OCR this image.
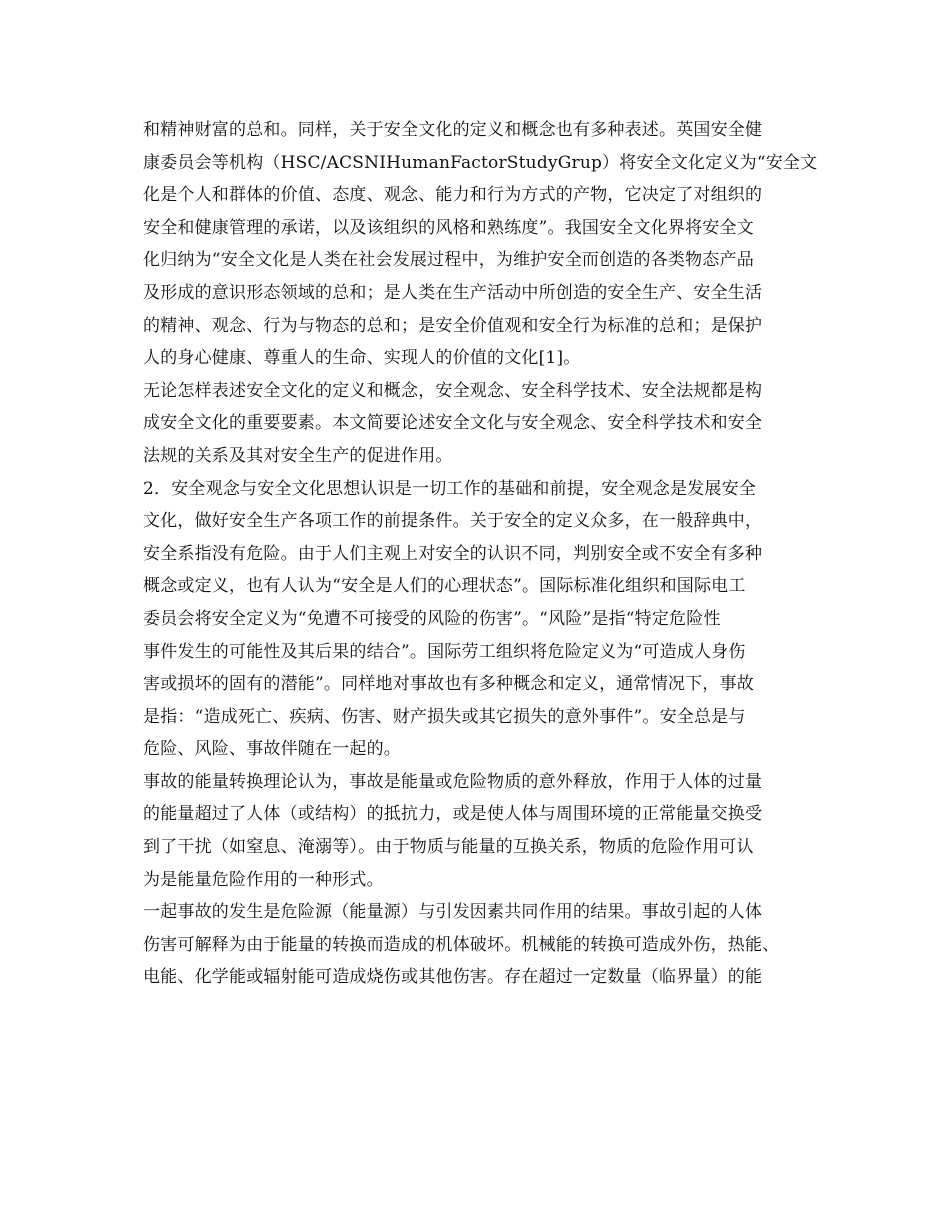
和精神财富的总和。同样，关于安全文化的定义和概念也有多种表述。英国安全健
康委员会等机构（HSC/ACSNIHumanFactorStudyGrup）将安全文化定义为“安全文
化是个人和群体的价值、态度、观念、能力和行为方式的产物，它决定了对组织的
安全和健康管理的承诺，以及该组织的风格和熟练度”。我国安全文化界将安全文
化归纳为“安全文化是人类在社会发展过程中，为维护安全而创造的各类物态产品
及形成的意识形态领域的总和；是人类在生产活动中所创造的安全生产、安全生活
的精神、观念、行为与物态的总和；是安全价值观和安全行为标准的总和；是保护
人的身心健康、尊重人的生命、实现人的价值的文化[1]。
无论怎样表述安全文化的定义和概念，安全观念、安全科学技术、安全法规都是构
成安全文化的重要要素。本文简要论述安全文化与安全观念、安全科学技术和安全
法规的关系及其对安全生产的促进作用。
2．安全观念与安全文化思想认识是一切工作的基础和前提，安全观念是发展安全
文化，做好安全生产各项工作的前提条件。关于安全的定义众多，在一般辞典中，
安全系指没有危险。由于人们主观上对安全的认识不同，判别安全或不安全有多种
概念或定义，也有人认为“安全是人们的心理状态”。国际标准化组织和国际电工
委员会将安全定义为“免遭不可接受的风险的伤害”。“风险”是指“特定危险性
事件发生的可能性及其后果的结合”。国际劳工组织将危险定义为“可造成人身伤
害或损坏的固有的潜能”。同样地对事故也有多种概念和定义，通常情况下，事故
是指：“造成死亡、疾病、伤害、财产损失或其它损失的意外事件”。安全总是与
危险、风险、事故伴随在一起的。
事故的能量转换理论认为，事故是能量或危险物质的意外释放，作用于人体的过量
的能量超过了人体（或结构）的抵抗力，或是使人体与周围环境的正常能量交换受
到了干扰（如窒息、淹溺等）。由于物质与能量的互换关系，物质的危险作用可认
为是能量危险作用的一种形式。
一起事故的发生是危险源（能量源）与引发因素共同作用的结果。事故引起的人体
伤害可解释为由于能量的转换而造成的机体破坏。机械能的转换可造成外伤，热能、
电能、化学能或辐射能可造成烧伤或其他伤害。存在超过一定数量（临界量）的能
